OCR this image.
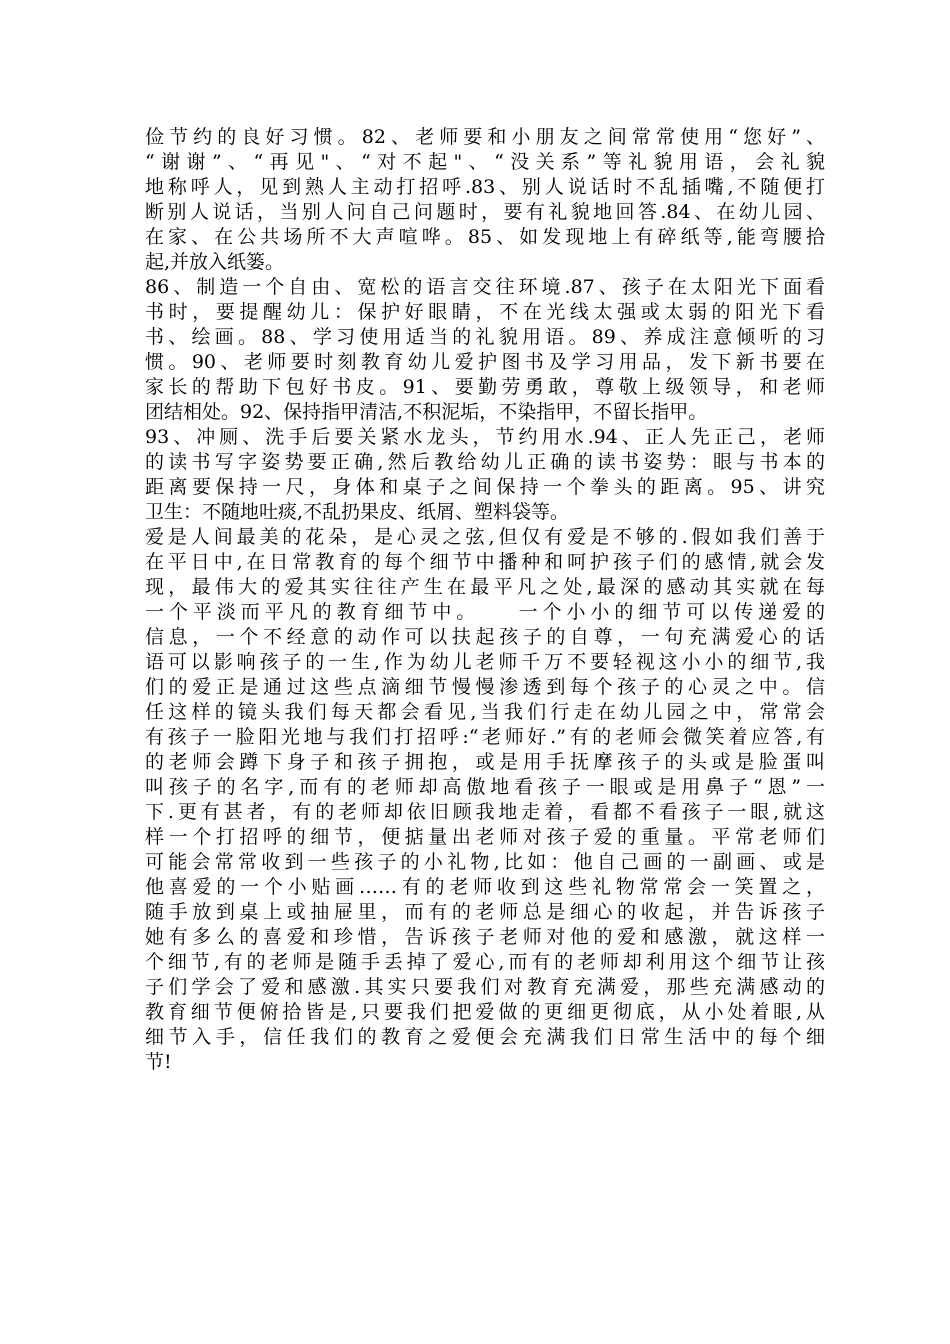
俭节约的良好习惯。82、老师要和小朋友之间常常使用“您好”、
“谢谢”、“再见"、“对不起"、“没关系”等礼貌用语，会礼貌
地称呼人，见到熟人主动打招呼.83、别人说话时不乱插嘴,不随便打
断别人说话，当别人问自己问题时，要有礼貌地回答.84、在幼儿园、
在家、在公共场所不大声喧哗。85、如发现地上有碎纸等,能弯腰拾
起,并放入纸篓。
86、制造一个自由、宽松的语言交往环境.87、孩子在太阳光下面看
书时，要提醒幼儿：保护好眼睛，不在光线太强或太弱的阳光下看
书、绘画。88、学习使用适当的礼貌用语。89、养成注意倾听的习
惯。90、老师要时刻教育幼儿爱护图书及学习用品，发下新书要在
家长的帮助下包好书皮。91、要勤劳勇敢，尊敬上级领导，和老师
团结相处。92、保持指甲清洁,不积泥垢，不染指甲，不留长指甲。
93、冲厕、洗手后要关紧水龙头，节约用水.94、正人先正己，老师
的读书写字姿势要正确,然后教给幼儿正确的读书姿势：眼与书本的
距离要保持一尺，身体和桌子之间保持一个拳头的距离。95、讲究
卫生：不随地吐痰,不乱扔果皮、纸屑、塑料袋等。
爱是人间最美的花朵，是心灵之弦,但仅有爱是不够的.假如我们善于
在平日中,在日常教育的每个细节中播种和呵护孩子们的感情,就会发
现，最伟大的爱其实往往产生在最平凡之处,最深的感动其实就在每
一个平淡而平凡的教育细节中。　　一个小小的细节可以传递爱的
信息，一个不经意的动作可以扶起孩子的自尊，一句充满爱心的话
语可以影响孩子的一生,作为幼儿老师千万不要轻视这小小的细节,我
们的爱正是通过这些点滴细节慢慢渗透到每个孩子的心灵之中。信
任这样的镜头我们每天都会看见,当我们行走在幼儿园之中，常常会
有孩子一脸阳光地与我们打招呼:“老师好.”有的老师会微笑着应答,有
的老师会蹲下身子和孩子拥抱，或是用手抚摩孩子的头或是脸蛋叫
叫孩子的名字,而有的老师却高傲地看孩子一眼或是用鼻子“恩”一
下.更有甚者，有的老师却依旧顾我地走着，看都不看孩子一眼,就这
样一个打招呼的细节，便掂量出老师对孩子爱的重量。平常老师们
可能会常常收到一些孩子的小礼物,比如：他自己画的一副画、或是
他喜爱的一个小贴画……有的老师收到这些礼物常常会一笑置之，
随手放到桌上或抽屉里，而有的老师总是细心的收起，并告诉孩子
她有多么的喜爱和珍惜，告诉孩子老师对他的爱和感激，就这样一
个细节,有的老师是随手丢掉了爱心,而有的老师却利用这个细节让孩
子们学会了爱和感激.其实只要我们对教育充满爱，那些充满感动的
教育细节便俯拾皆是,只要我们把爱做的更细更彻底，从小处着眼,从
细节入手，信任我们的教育之爱便会充满我们日常生活中的每个细
节!
